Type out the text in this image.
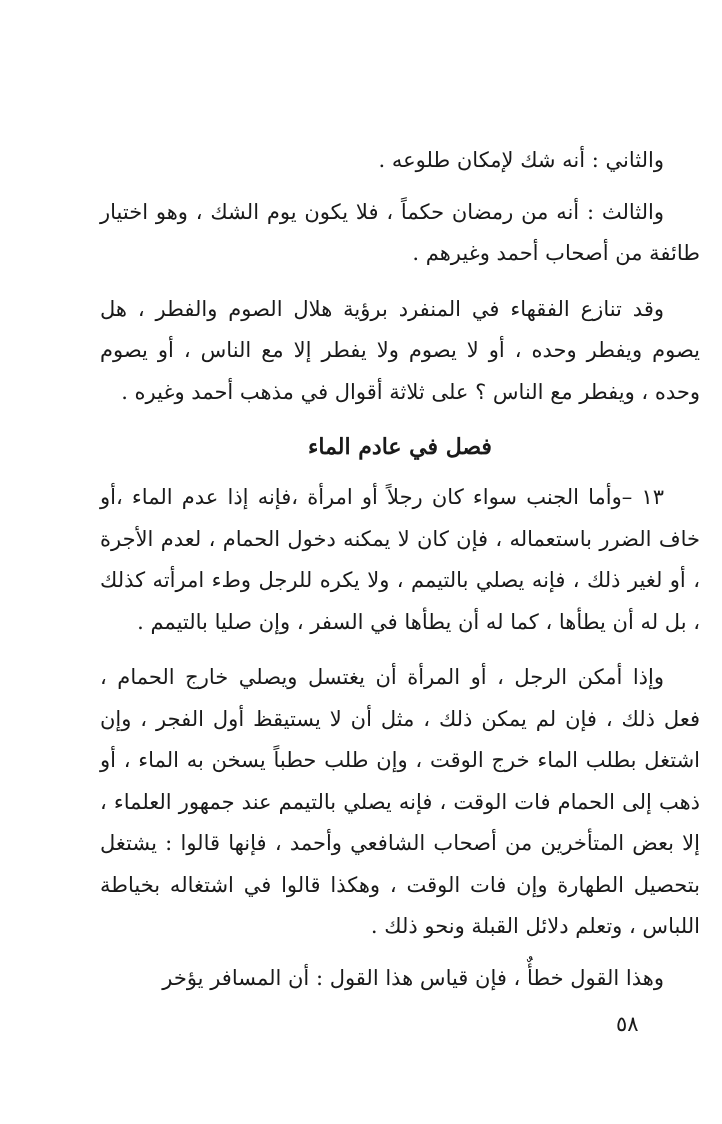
والثاني : أنه شك لإمكان طلوعه .

والثالث : أنه من رمضان حكماً ، فلا يكون يوم الشك ، وهو اختيار طائفة من أصحاب أحمد وغيرهم .

وقد تنازع الفقهاء في المنفرد برؤية هلال الصوم والفطر ، هل يصوم ويفطر وحده ، أو لا يصوم ولا يفطر إلا مع الناس ، أو يصوم وحده ، ويفطر مع الناس ؟ على ثلاثة أقوال في مذهب أحمد وغيره .

فصل في عادم الماء

١٣ –وأما الجنب سواء كان رجلاً أو امرأة ،فإنه إذا عدم الماء ،أو خاف الضرر باستعماله ، فإن كان لا يمكنه دخول الحمام ، لعدم الأجرة ، أو لغير ذلك ، فإنه يصلي بالتيمم ، ولا يكره للرجل وطء امرأته كذلك ، بل له أن يطأها ، كما له أن يطأها في السفر ، وإن صليا بالتيمم .

وإذا أمكن الرجل ، أو المرأة أن يغتسل ويصلي خارج الحمام ، فعل ذلك ، فإن لم يمكن ذلك ، مثل أن لا يستيقظ أول الفجر ، وإن اشتغل بطلب الماء خرج الوقت ، وإن طلب حطباً يسخن به الماء ، أو ذهب إلى الحمام فات الوقت ، فإنه يصلي بالتيمم عند جمهور العلماء ، إلا بعض المتأخرين من أصحاب الشافعي وأحمد ، فإنها قالوا : يشتغل بتحصيل الطهارة وإن فات الوقت ، وهكذا قالوا في اشتغاله بخياطة اللباس ، وتعلم دلائل القبلة ونحو ذلك .

وهذا القول خطأٌ ، فإن قياس هذا القول : أن المسافر يؤخر

٥٨
